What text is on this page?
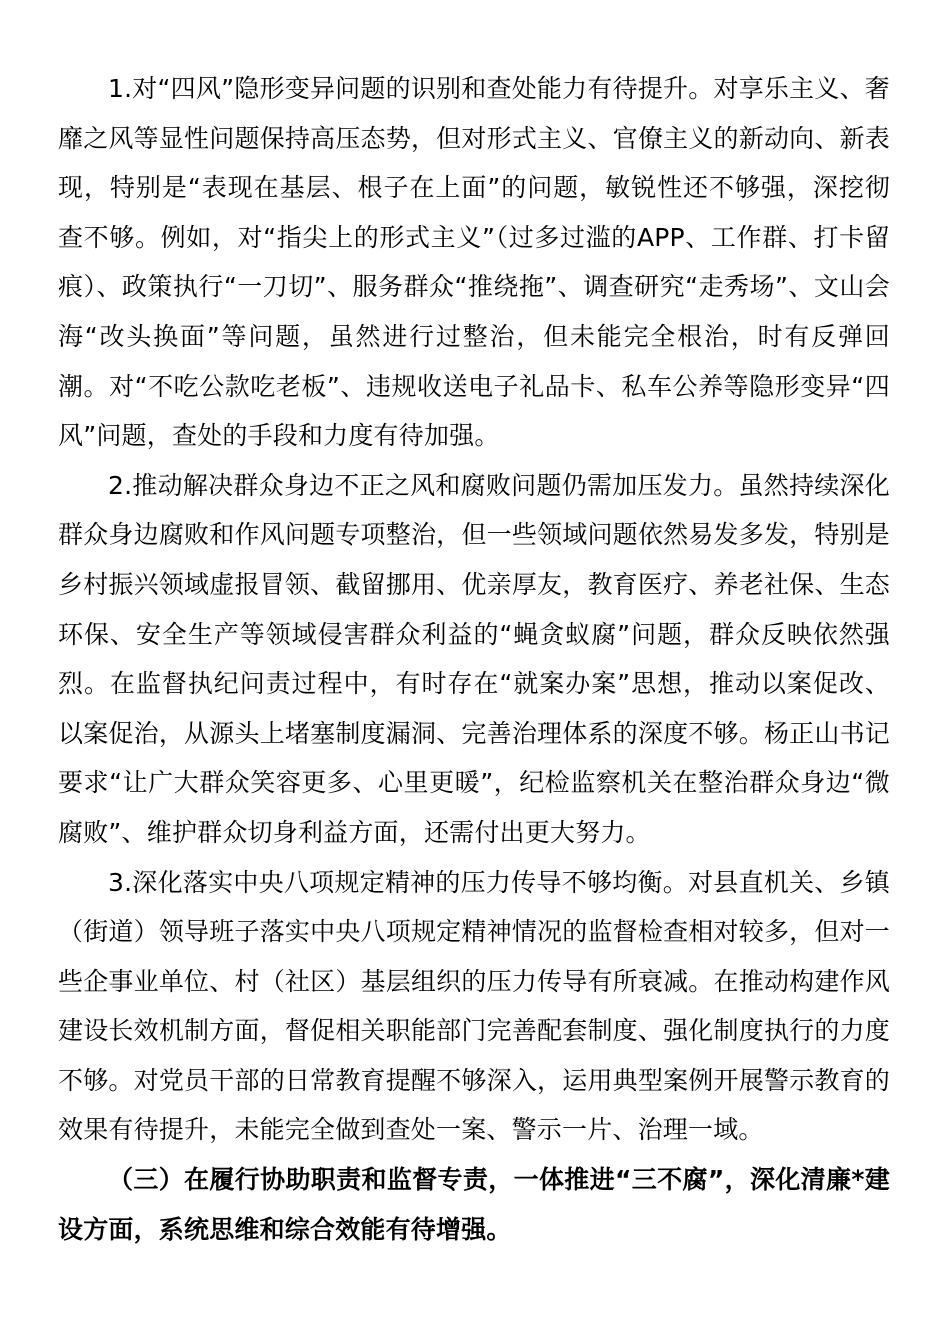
1.对“四风”隐形变异问题的识别和查处能力有待提升。对享乐主义、奢靡之风等显性问题保持高压态势，但对形式主义、官僚主义的新动向、新表现，特别是“表现在基层、根子在上面”的问题，敏锐性还不够强，深挖彻查不够。例如，对“指尖上的形式主义”（过多过滥的APP、工作群、打卡留痕）、政策执行“一刀切”、服务群众“推绕拖”、调查研究“走秀场”、文山会海“改头换面”等问题，虽然进行过整治，但未能完全根治，时有反弹回潮。对“不吃公款吃老板”、违规收送电子礼品卡、私车公养等隐形变异“四风”问题，查处的手段和力度有待加强。

2.推动解决群众身边不正之风和腐败问题仍需加压发力。虽然持续深化群众身边腐败和作风问题专项整治，但一些领域问题依然易发多发，特别是乡村振兴领域虚报冒领、截留挪用、优亲厚友，教育医疗、养老社保、生态环保、安全生产等领域侵害群众利益的“蝇贪蚁腐”问题，群众反映依然强烈。在监督执纪问责过程中，有时存在“就案办案”思想，推动以案促改、以案促治，从源头上堵塞制度漏洞、完善治理体系的深度不够。杨正山书记要求“让广大群众笑容更多、心里更暖”，纪检监察机关在整治群众身边“微腐败”、维护群众切身利益方面，还需付出更大努力。

3.深化落实中央八项规定精神的压力传导不够均衡。对县直机关、乡镇（街道）领导班子落实中央八项规定精神情况的监督检查相对较多，但对一些企事业单位、村（社区）基层组织的压力传导有所衰减。在推动构建作风建设长效机制方面，督促相关职能部门完善配套制度、强化制度执行的力度不够。对党员干部的日常教育提醒不够深入，运用典型案例开展警示教育的效果有待提升，未能完全做到查处一案、警示一片、治理一域。

（三）在履行协助职责和监督专责，一体推进“三不腐”，深化清廉*建设方面，系统思维和综合效能有待增强。
